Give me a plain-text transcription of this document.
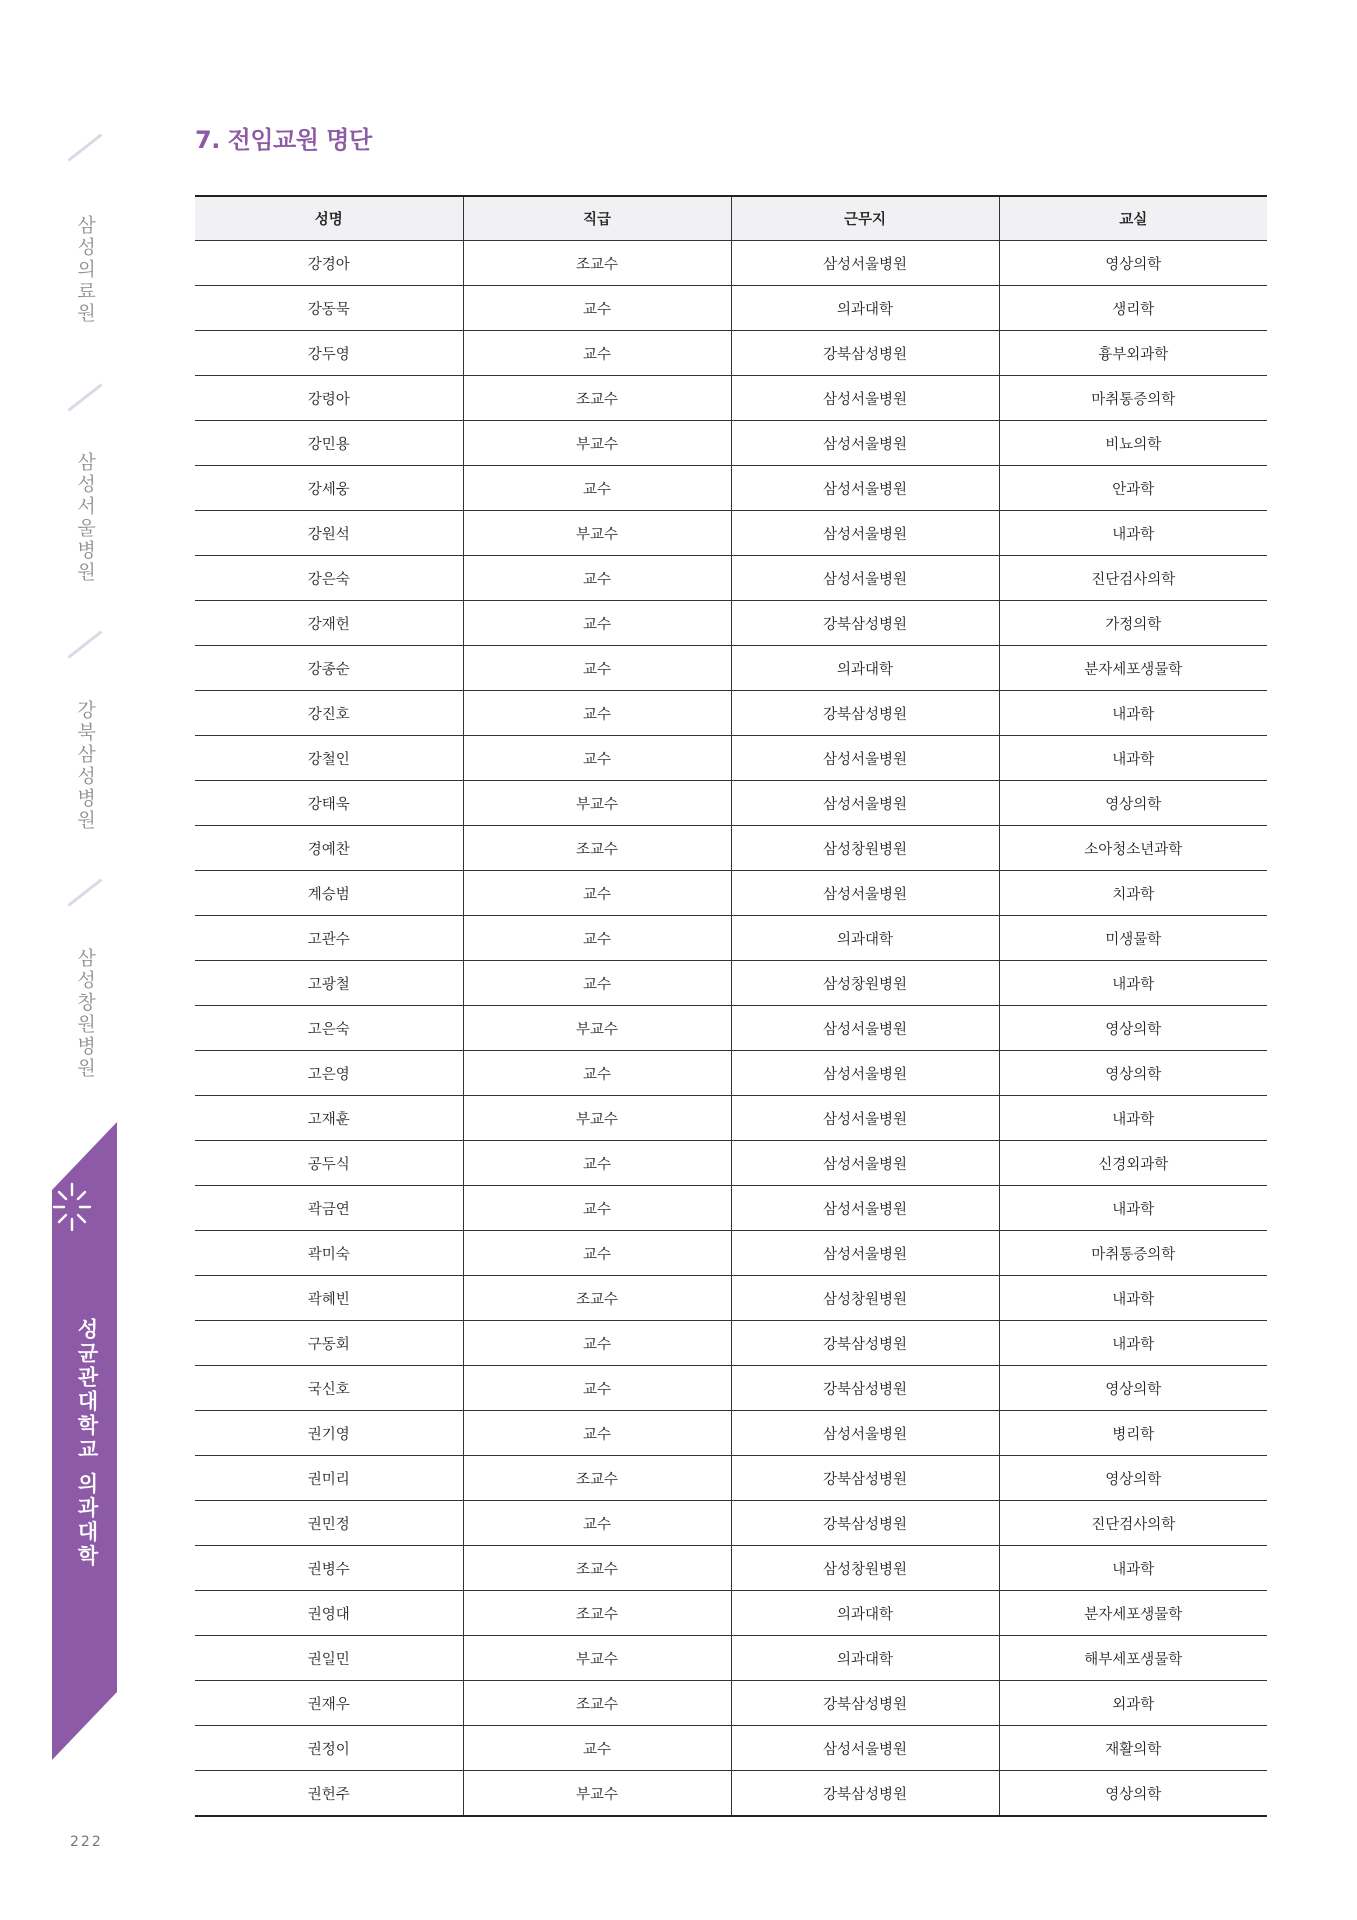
삼성의료원
삼성서울병원
강북삼성병원
삼성창원병원
성균관대학교 의과대학
222
7. 전임교원 명단
성명	직급	근무지	교실
강경아	조교수	삼성서울병원	영상의학
강동묵	교수	의과대학	생리학
강두영	교수	강북삼성병원	흉부외과학
강령아	조교수	삼성서울병원	마취통증의학
강민용	부교수	삼성서울병원	비뇨의학
강세웅	교수	삼성서울병원	안과학
강원석	부교수	삼성서울병원	내과학
강은숙	교수	삼성서울병원	진단검사의학
강재헌	교수	강북삼성병원	가정의학
강종순	교수	의과대학	분자세포생물학
강진호	교수	강북삼성병원	내과학
강철인	교수	삼성서울병원	내과학
강태욱	부교수	삼성서울병원	영상의학
경예찬	조교수	삼성창원병원	소아청소년과학
계승범	교수	삼성서울병원	치과학
고관수	교수	의과대학	미생물학
고광철	교수	삼성창원병원	내과학
고은숙	부교수	삼성서울병원	영상의학
고은영	교수	삼성서울병원	영상의학
고재훈	부교수	삼성서울병원	내과학
공두식	교수	삼성서울병원	신경외과학
곽금연	교수	삼성서울병원	내과학
곽미숙	교수	삼성서울병원	마취통증의학
곽혜빈	조교수	삼성창원병원	내과학
구동회	교수	강북삼성병원	내과학
국신호	교수	강북삼성병원	영상의학
권기영	교수	삼성서울병원	병리학
권미리	조교수	강북삼성병원	영상의학
권민정	교수	강북삼성병원	진단검사의학
권병수	조교수	삼성창원병원	내과학
권영대	조교수	의과대학	분자세포생물학
권일민	부교수	의과대학	해부세포생물학
권재우	조교수	강북삼성병원	외과학
권정이	교수	삼성서울병원	재활의학
권헌주	부교수	강북삼성병원	영상의학
